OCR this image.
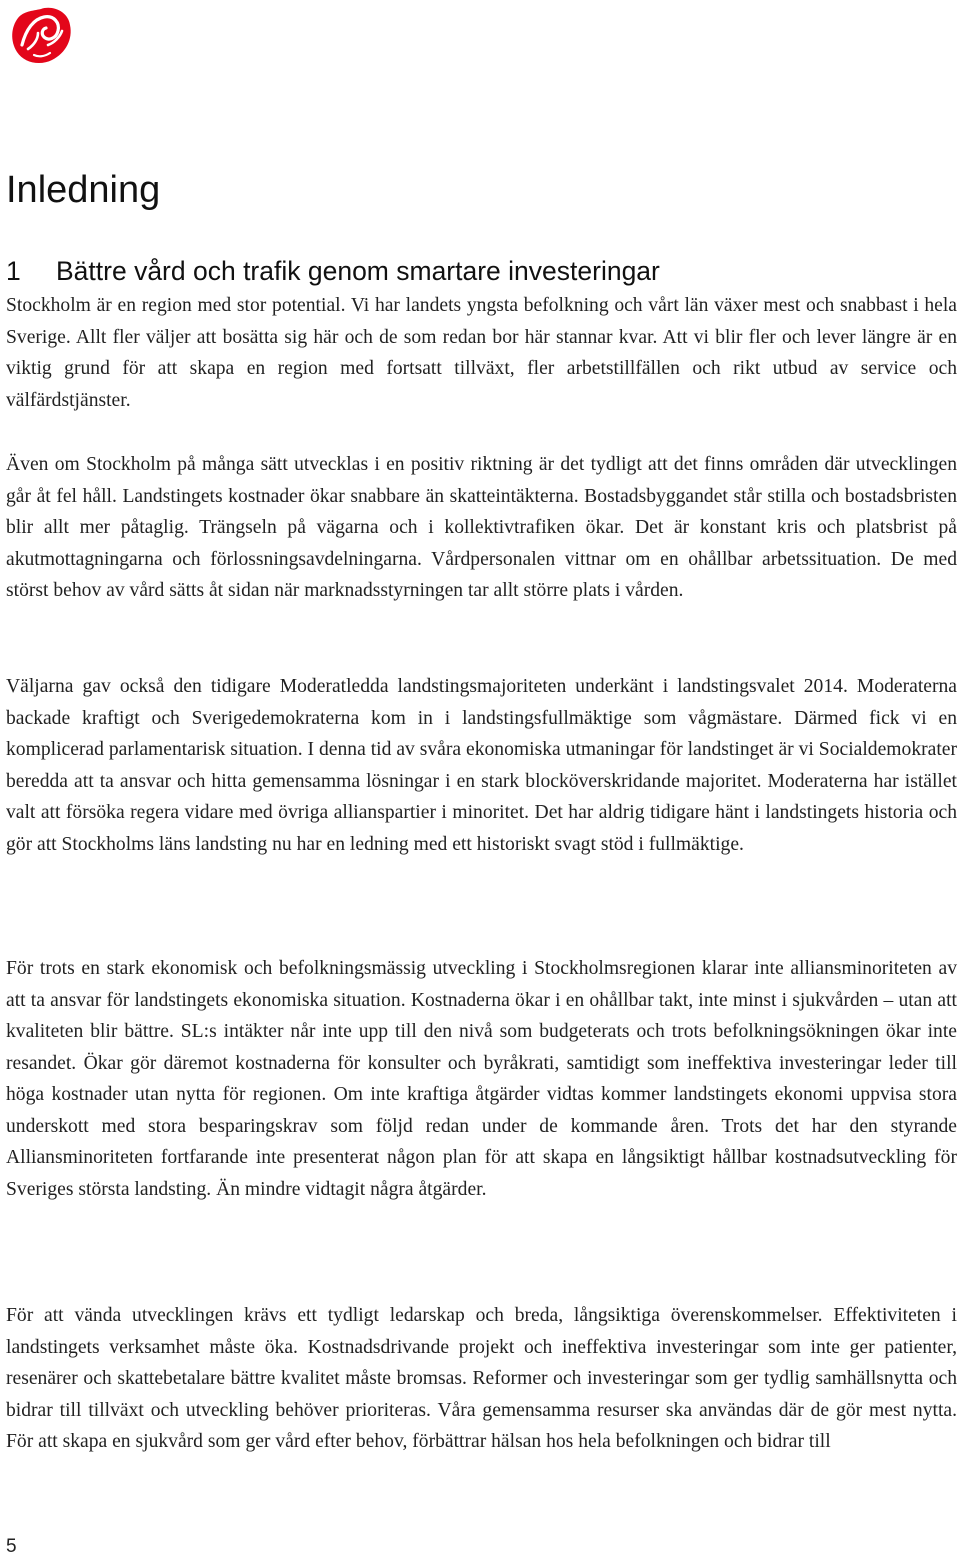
Inledning
1 Bättre vård och trafik genom smartare investeringar

Stockholm är en region med stor potential. Vi har landets yngsta befolkning och vårt län växer mest och snabbast i hela Sverige. Allt fler väljer att bosätta sig här och de som redan bor här stannar kvar. Att vi blir fler och lever längre är en viktig grund för att skapa en region med fortsatt tillväxt, fler arbetstillfällen och rikt utbud av service och välfärdstjänster.

Även om Stockholm på många sätt utvecklas i en positiv riktning är det tydligt att det finns områden där utvecklingen går åt fel håll. Landstingets kostnader ökar snabbare än skatteintäkterna. Bostadsbyggandet står stilla och bostadsbristen blir allt mer påtaglig. Trängseln på vägarna och i kollektivtrafiken ökar. Det är konstant kris och platsbrist på akutmottagningarna och förlossningsavdelningarna. Vårdpersonalen vittnar om en ohållbar arbetssituation. De med störst behov av vård sätts åt sidan när marknadsstyrningen tar allt större plats i vården.

Väljarna gav också den tidigare Moderatledda landstingsmajoriteten underkänt i landstingsvalet 2014. Moderaterna backade kraftigt och Sverigedemokraterna kom in i landstingsfullmäktige som vågmästare. Därmed fick vi en komplicerad parlamentarisk situation. I denna tid av svåra ekonomiska utmaningar för landstinget är vi Socialdemokrater beredda att ta ansvar och hitta gemensamma lösningar i en stark blocköverskridande majoritet. Moderaterna har istället valt att försöka regera vidare med övriga allianspartier i minoritet. Det har aldrig tidigare hänt i landstingets historia och gör att Stockholms läns landsting nu har en ledning med ett historiskt svagt stöd i fullmäktige.

För trots en stark ekonomisk och befolkningsmässig utveckling i Stockholmsregionen klarar inte alliansminoriteten av att ta ansvar för landstingets ekonomiska situation. Kostnaderna ökar i en ohållbar takt, inte minst i sjukvården – utan att kvaliteten blir bättre. SL:s intäkter når inte upp till den nivå som budgeterats och trots befolkningsökningen ökar inte resandet. Ökar gör däremot kostnaderna för konsulter och byråkrati, samtidigt som ineffektiva investeringar leder till höga kostnader utan nytta för regionen. Om inte kraftiga åtgärder vidtas kommer landstingets ekonomi uppvisa stora underskott med stora besparingskrav som följd redan under de kommande åren. Trots det har den styrande Alliansminoriteten fortfarande inte presenterat någon plan för att skapa en långsiktigt hållbar kostnadsutveckling för Sveriges största landsting. Än mindre vidtagit några åtgärder.

För att vända utvecklingen krävs ett tydligt ledarskap och breda, långsiktiga överenskommelser. Effektiviteten i landstingets verksamhet måste öka. Kostnadsdrivande projekt och ineffektiva investeringar som inte ger patienter, resenärer och skattebetalare bättre kvalitet måste bromsas. Reformer och investeringar som ger tydlig samhällsnytta och bidrar till tillväxt och utveckling behöver prioriteras. Våra gemensamma resurser ska användas där de gör mest nytta. För att skapa en sjukvård som ger vård efter behov, förbättrar hälsan hos hela befolkningen och bidrar till

5
